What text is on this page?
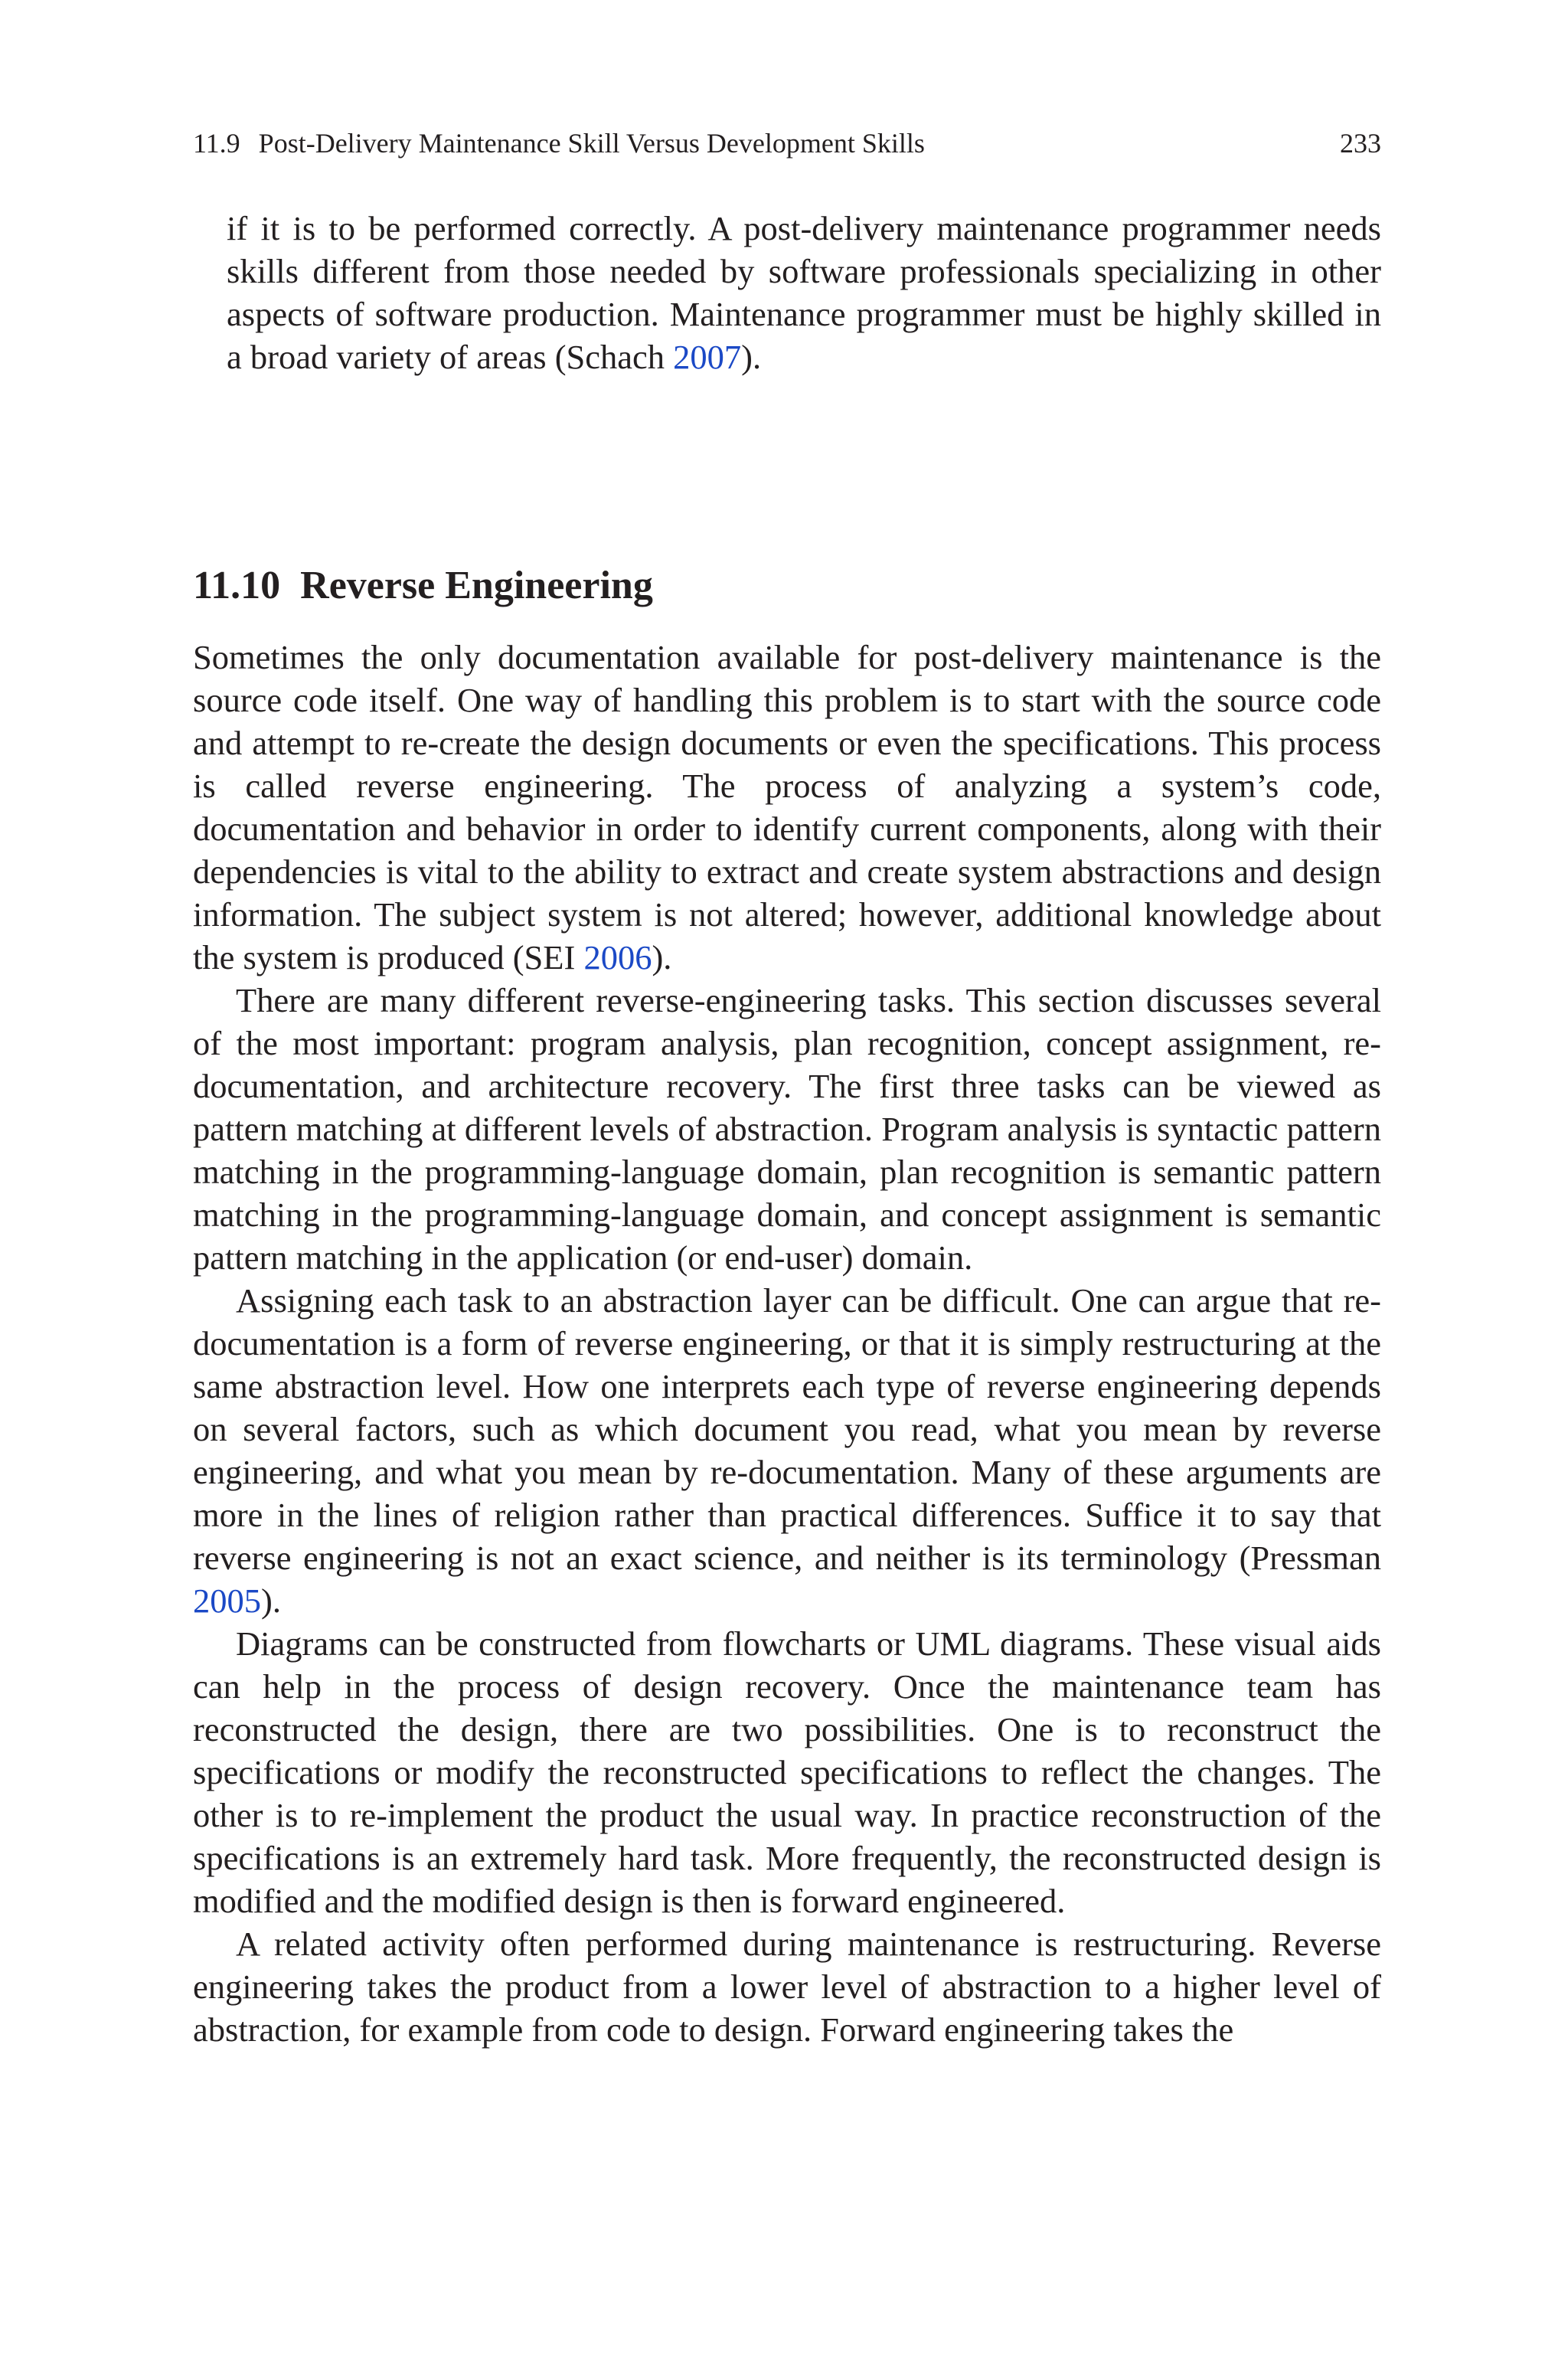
11.9 Post-Delivery Maintenance Skill Versus Development Skills	233

if it is to be performed correctly. A post-delivery maintenance programmer needs skills different from those needed by software professionals specializing in other aspects of software production. Maintenance programmer must be highly skilled in a broad variety of areas (Schach 2007).

11.10 Reverse Engineering

Sometimes the only documentation available for post-delivery maintenance is the source code itself. One way of handling this problem is to start with the source code and attempt to re-create the design documents or even the specifications. This process is called reverse engineering. The process of analyzing a system’s code, documentation and behavior in order to identify current components, along with their dependencies is vital to the ability to extract and create system abstractions and design information. The subject system is not altered; however, additional knowledge about the system is produced (SEI 2006).

There are many different reverse-engineering tasks. This section discusses several of the most important: program analysis, plan recognition, concept assignment, re-documentation, and architecture recovery. The first three tasks can be viewed as pattern matching at different levels of abstraction. Program analysis is syntactic pattern matching in the programming-language domain, plan recognition is semantic pattern matching in the programming-language domain, and concept assignment is semantic pattern matching in the application (or end-user) domain.

Assigning each task to an abstraction layer can be difficult. One can argue that re-documentation is a form of reverse engineering, or that it is simply restructuring at the same abstraction level. How one interprets each type of reverse engineering depends on several factors, such as which document you read, what you mean by reverse engineering, and what you mean by re-documentation. Many of these arguments are more in the lines of religion rather than practical differences. Suffice it to say that reverse engineering is not an exact science, and neither is its terminology (Pressman 2005).

Diagrams can be constructed from flowcharts or UML diagrams. These visual aids can help in the process of design recovery. Once the maintenance team has reconstructed the design, there are two possibilities. One is to reconstruct the specifications or modify the reconstructed specifications to reflect the changes. The other is to re-implement the product the usual way. In practice reconstruction of the specifications is an extremely hard task. More frequently, the reconstructed design is modified and the modified design is then is forward engineered.

A related activity often performed during maintenance is restructuring. Reverse engineering takes the product from a lower level of abstraction to a higher level of abstraction, for example from code to design. Forward engineering takes the
